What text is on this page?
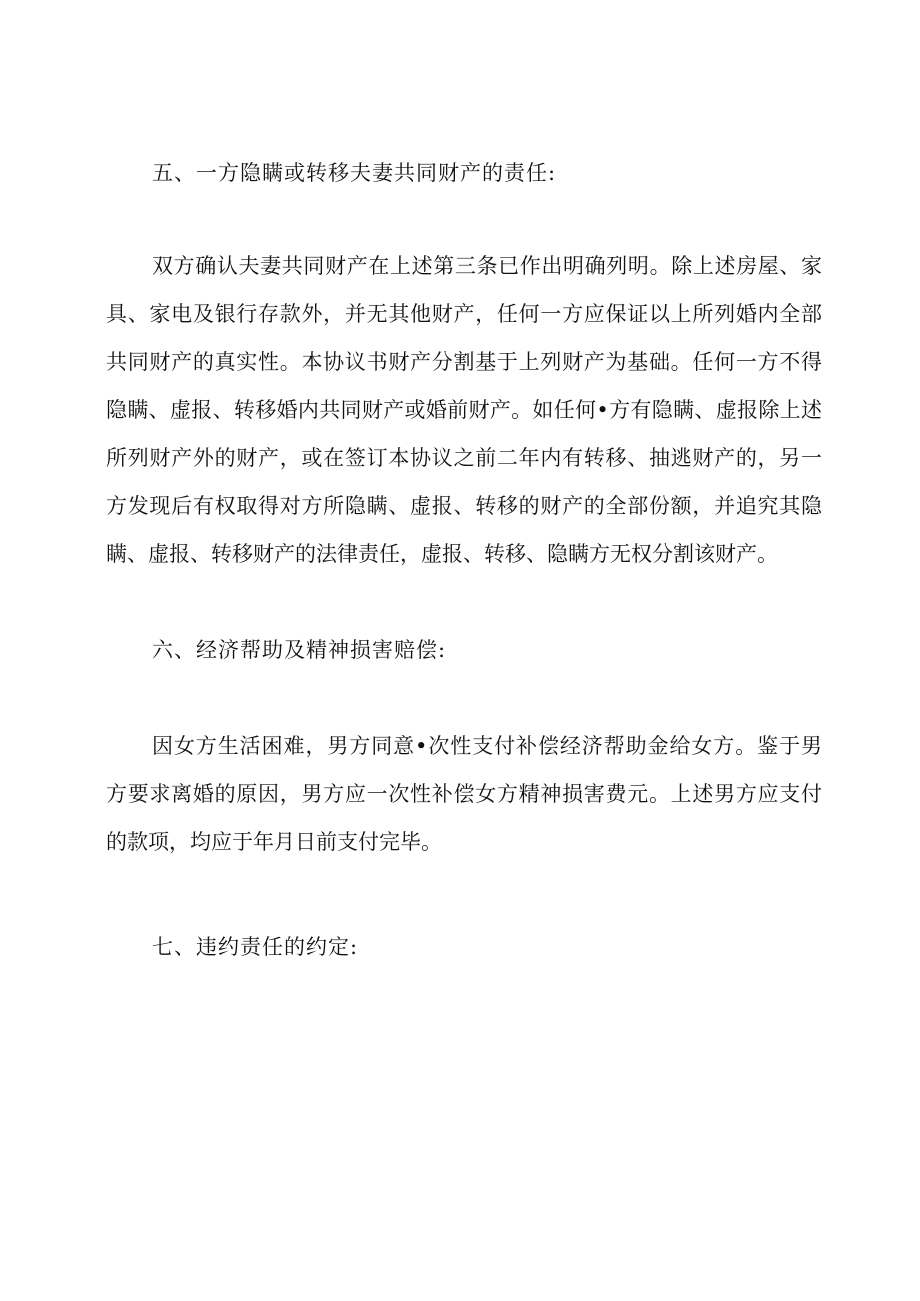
五、一方隐瞒或转移夫妻共同财产的责任:
双方确认夫妻共同财产在上述第三条已作出明确列明。除上述房屋、家
具、家电及银行存款外，并无其他财产，任何一方应保证以上所列婚内全部
共同财产的真实性。本协议书财产分割基于上列财产为基础。任何一方不得
隐瞒、虚报、转移婚内共同财产或婚前财产。如任何•方有隐瞒、虚报除上述
所列财产外的财产，或在签订本协议之前二年内有转移、抽逃财产的，另一
方发现后有权取得对方所隐瞒、虚报、转移的财产的全部份额，并追究其隐
瞒、虚报、转移财产的法律责任，虚报、转移、隐瞒方无权分割该财产。
六、经济帮助及精神损害赔偿:
因女方生活困难，男方同意•次性支付补偿经济帮助金给女方。鉴于男
方要求离婚的原因，男方应一次性补偿女方精神损害费元。上述男方应支付
的款项，均应于年月日前支付完毕。
七、违约责任的约定:
